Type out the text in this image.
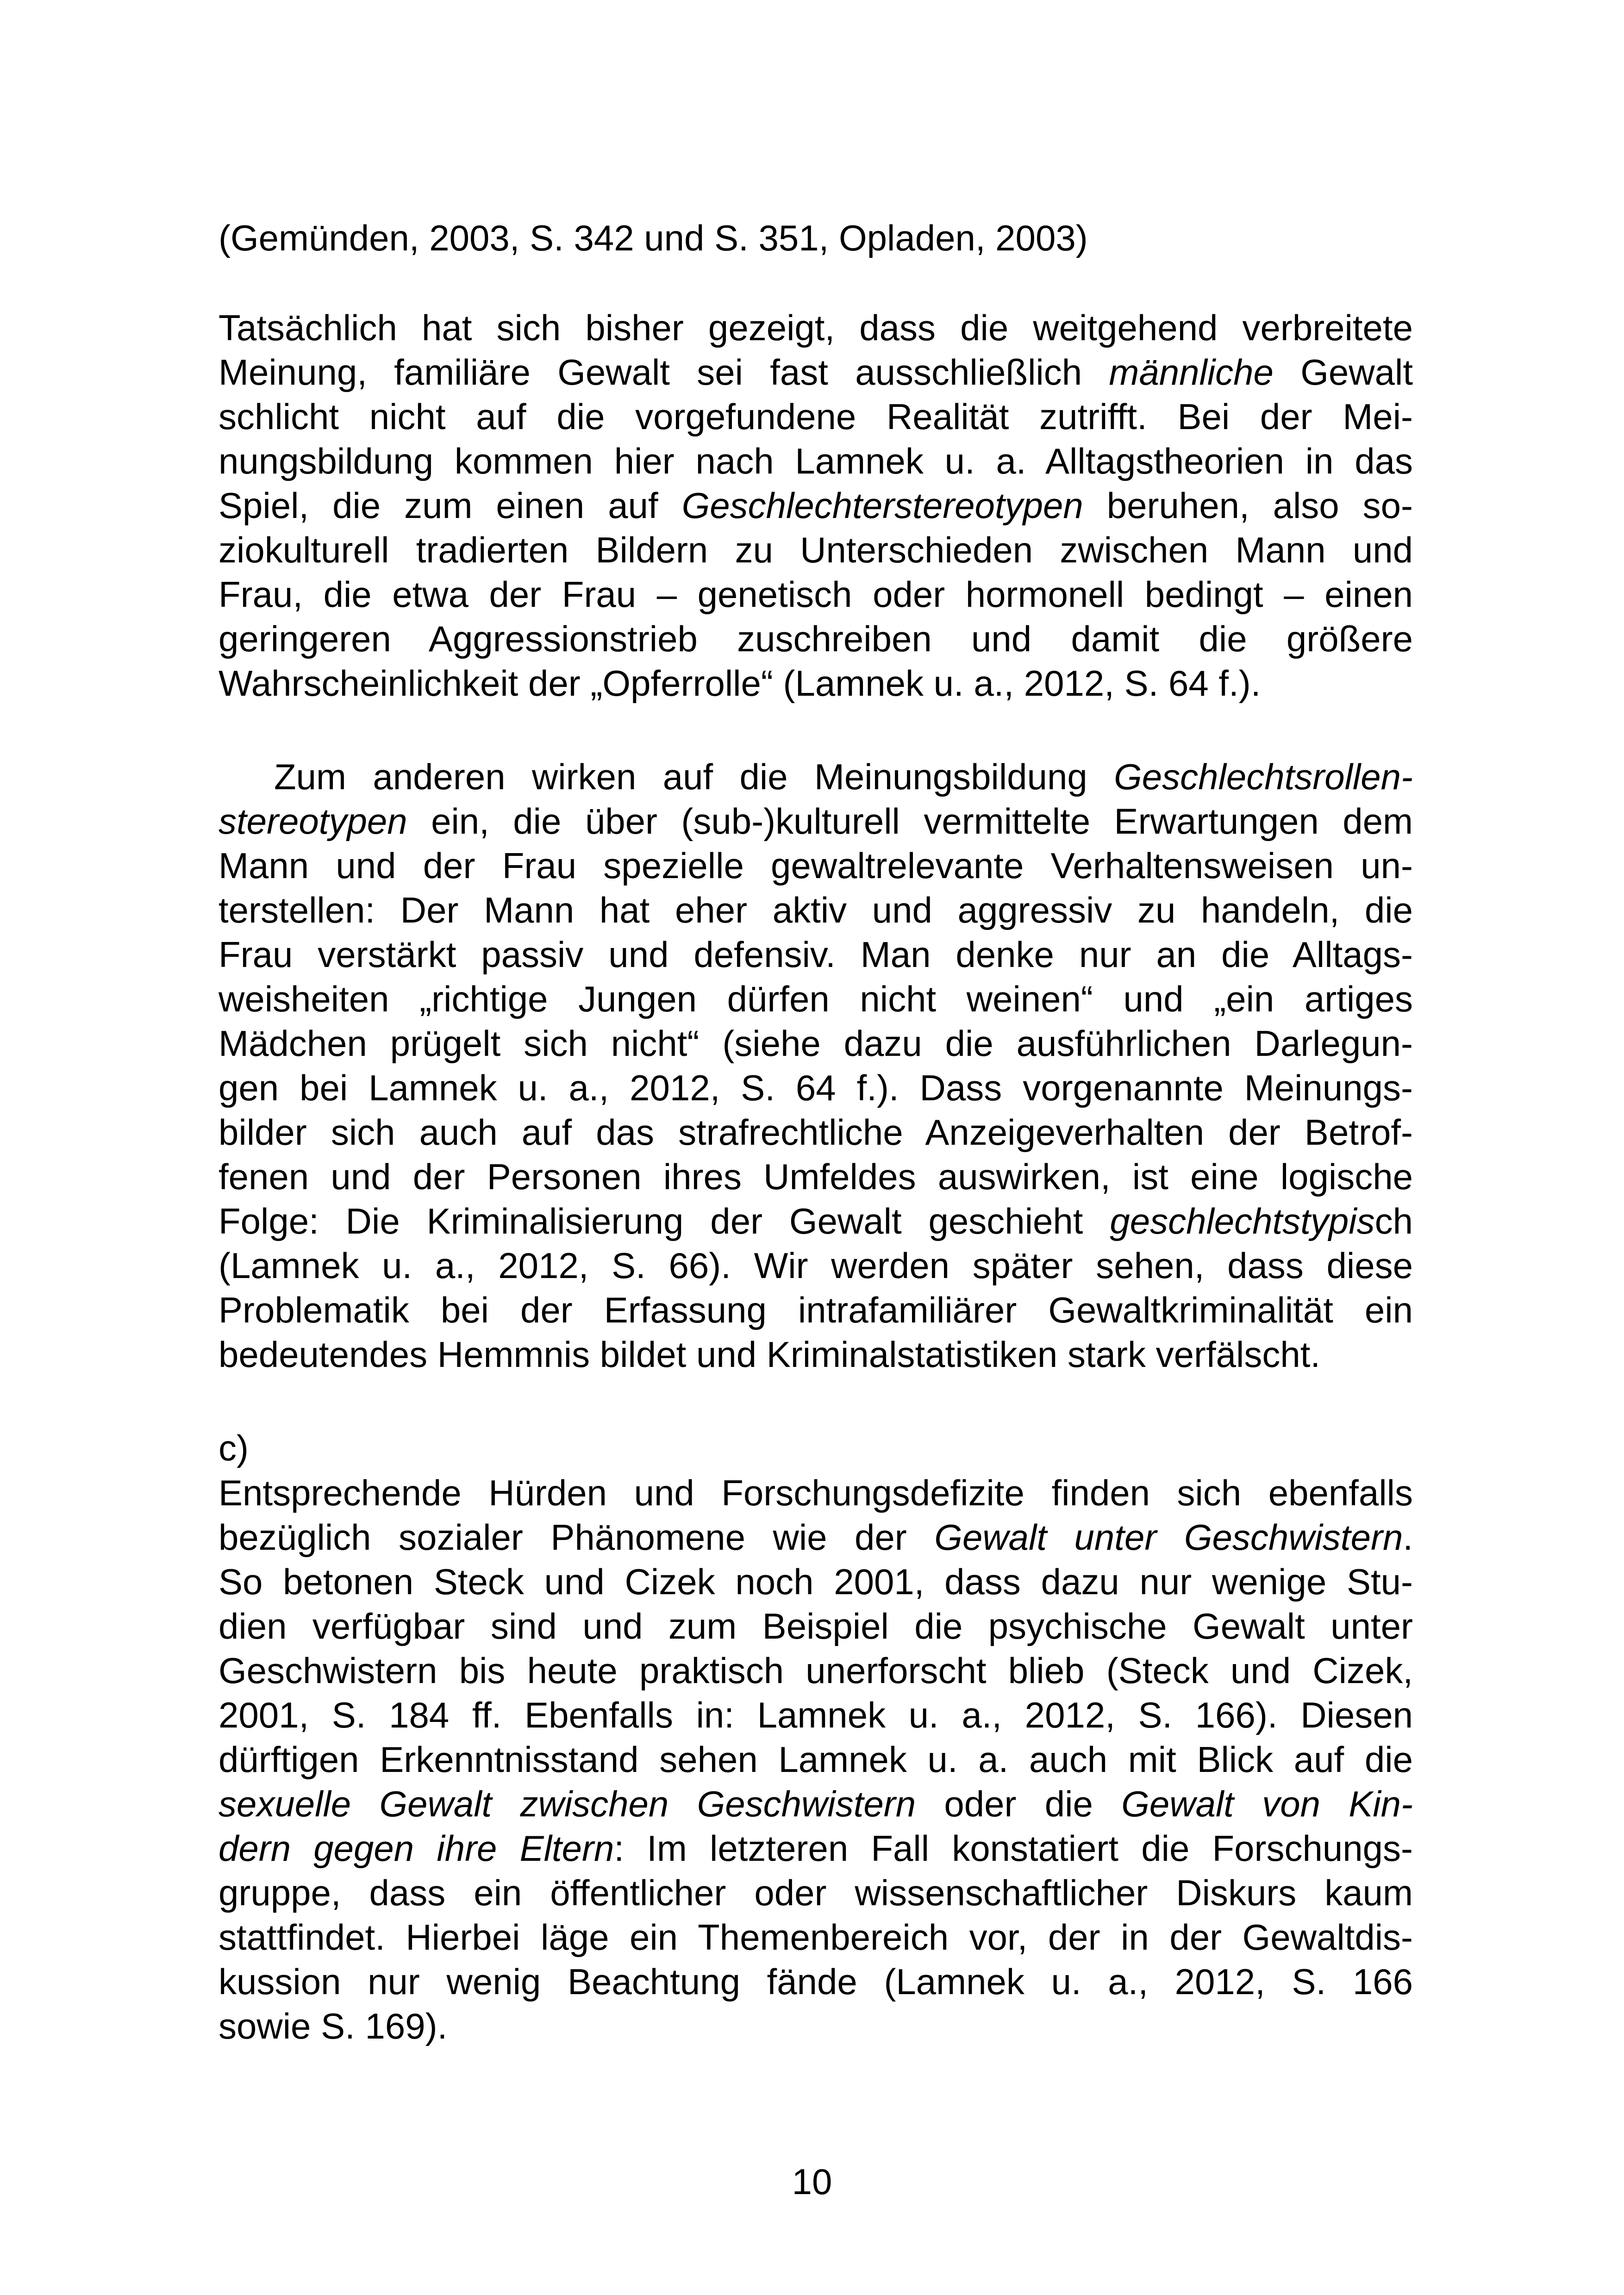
(Gemünden, 2003, S. 342 und S. 351, Opladen, 2003)
Tatsächlich hat sich bisher gezeigt, dass die weitgehend verbreitete
Meinung, familiäre Gewalt sei fast ausschließlich männliche Gewalt
schlicht nicht auf die vorgefundene Realität zutrifft. Bei der Mei-
nungsbildung kommen hier nach Lamnek u. a. Alltagstheorien in das
Spiel, die zum einen auf Geschlechterstereotypen beruhen, also so-
ziokulturell tradierten Bildern zu Unterschieden zwischen Mann und
Frau, die etwa der Frau – genetisch oder hormonell bedingt – einen
geringeren Aggressionstrieb zuschreiben und damit die größere
Wahrscheinlichkeit der „Opferrolle“ (Lamnek u. a., 2012, S. 64 f.).
Zum anderen wirken auf die Meinungsbildung Geschlechtsrollen-
stereotypen ein, die über (sub-)kulturell vermittelte Erwartungen dem
Mann und der Frau spezielle gewaltrelevante Verhaltensweisen un-
terstellen: Der Mann hat eher aktiv und aggressiv zu handeln, die
Frau verstärkt passiv und defensiv. Man denke nur an die Alltags-
weisheiten „richtige Jungen dürfen nicht weinen“ und „ein artiges
Mädchen prügelt sich nicht“ (siehe dazu die ausführlichen Darlegun-
gen bei Lamnek u. a., 2012, S. 64 f.). Dass vorgenannte Meinungs-
bilder sich auch auf das strafrechtliche Anzeigeverhalten der Betrof-
fenen und der Personen ihres Umfeldes auswirken, ist eine logische
Folge: Die Kriminalisierung der Gewalt geschieht geschlechtstypisch
(Lamnek u. a., 2012, S. 66). Wir werden später sehen, dass diese
Problematik bei der Erfassung intrafamiliärer Gewaltkriminalität ein
bedeutendes Hemmnis bildet und Kriminalstatistiken stark verfälscht.
c)
Entsprechende Hürden und Forschungsdefizite finden sich ebenfalls
bezüglich sozialer Phänomene wie der Gewalt unter Geschwistern.
So betonen Steck und Cizek noch 2001, dass dazu nur wenige Stu-
dien verfügbar sind und zum Beispiel die psychische Gewalt unter
Geschwistern bis heute praktisch unerforscht blieb (Steck und Cizek,
2001, S. 184 ff. Ebenfalls in: Lamnek u. a., 2012, S. 166). Diesen
dürftigen Erkenntnisstand sehen Lamnek u. a. auch mit Blick auf die
sexuelle Gewalt zwischen Geschwistern oder die Gewalt von Kin-
dern gegen ihre Eltern: Im letzteren Fall konstatiert die Forschungs-
gruppe, dass ein öffentlicher oder wissenschaftlicher Diskurs kaum
stattfindet. Hierbei läge ein Themenbereich vor, der in der Gewaltdis-
kussion nur wenig Beachtung fände (Lamnek u. a., 2012, S. 166
sowie S. 169).
10
